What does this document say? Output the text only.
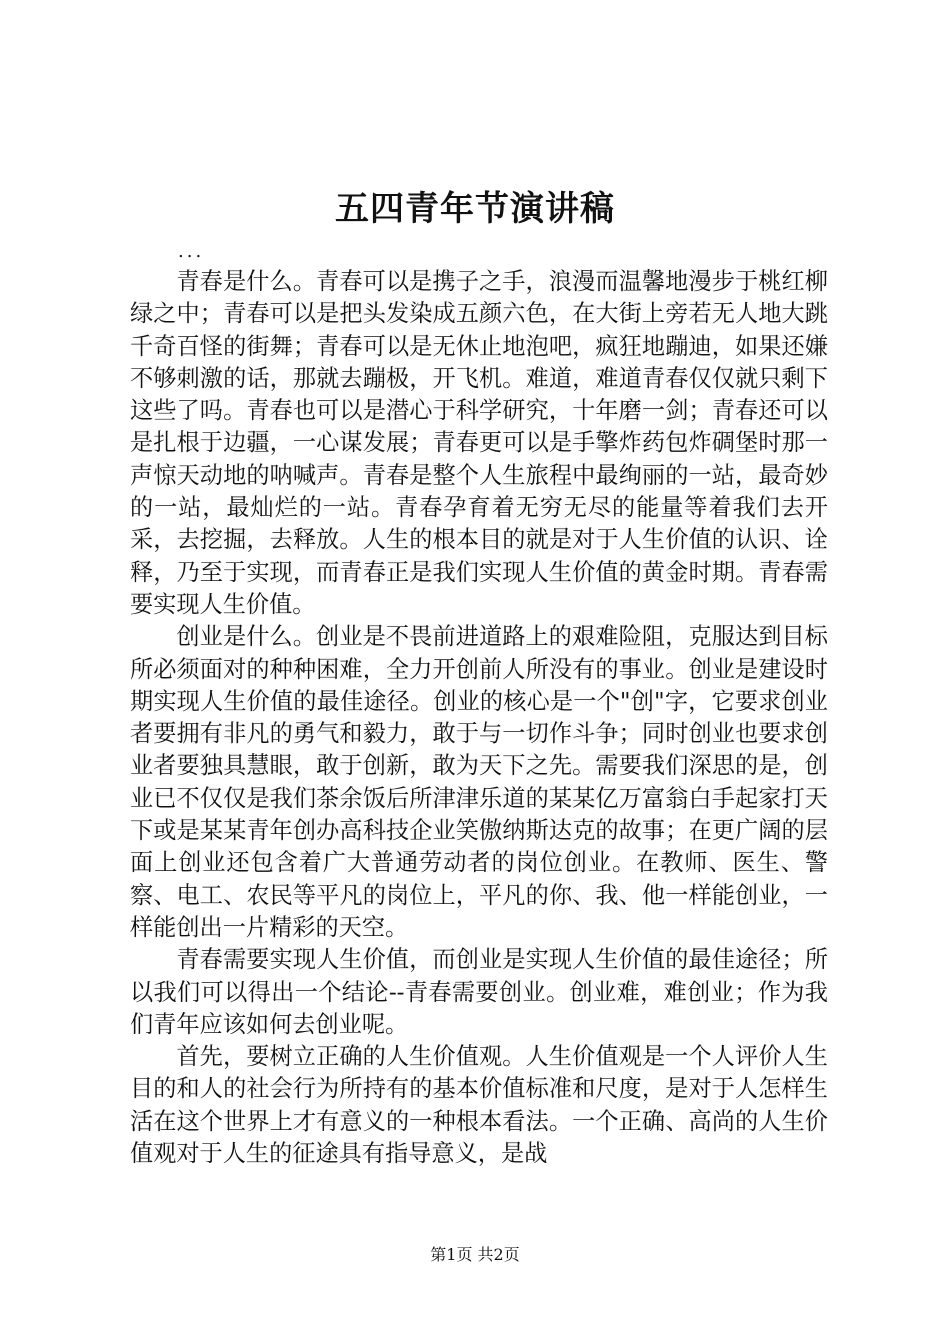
五四青年节演讲稿
...

青春是什么。青春可以是携子之手，浪漫而温馨地漫步于桃红柳绿之中；青春可以是把头发染成五颜六色，在大街上旁若无人地大跳千奇百怪的街舞；青春可以是无休止地泡吧，疯狂地蹦迪，如果还嫌不够刺激的话，那就去蹦极，开飞机。难道，难道青春仅仅就只剩下这些了吗。青春也可以是潜心于科学研究，十年磨一剑；青春还可以是扎根于边疆，一心谋发展；青春更可以是手擎炸药包炸碉堡时那一声惊天动地的呐喊声。青春是整个人生旅程中最绚丽的一站，最奇妙的一站，最灿烂的一站。青春孕育着无穷无尽的能量等着我们去开采，去挖掘，去释放。人生的根本目的就是对于人生价值的认识、诠释，乃至于实现，而青春正是我们实现人生价值的黄金时期。青春需要实现人生价值。

创业是什么。创业是不畏前进道路上的艰难险阻，克服达到目标所必须面对的种种困难，全力开创前人所没有的事业。创业是建设时期实现人生价值的最佳途径。创业的核心是一个"创"字，它要求创业者要拥有非凡的勇气和毅力，敢于与一切作斗争；同时创业也要求创业者要独具慧眼，敢于创新，敢为天下之先。需要我们深思的是，创业已不仅仅是我们茶余饭后所津津乐道的某某亿万富翁白手起家打天下或是某某青年创办高科技企业笑傲纳斯达克的故事；在更广阔的层面上创业还包含着广大普通劳动者的岗位创业。在教师、医生、警察、电工、农民等平凡的岗位上，平凡的你、我、他一样能创业，一样能创出一片精彩的天空。

青春需要实现人生价值，而创业是实现人生价值的最佳途径；所以我们可以得出一个结论--青春需要创业。创业难，难创业；作为我们青年应该如何去创业呢。

首先，要树立正确的人生价值观。人生价值观是一个人评价人生目的和人的社会行为所持有的基本价值标准和尺度，是对于人怎样生活在这个世界上才有意义的一种根本看法。一个正确、高尚的人生价值观对于人生的征途具有指导意义，是战

第1页 共2页
